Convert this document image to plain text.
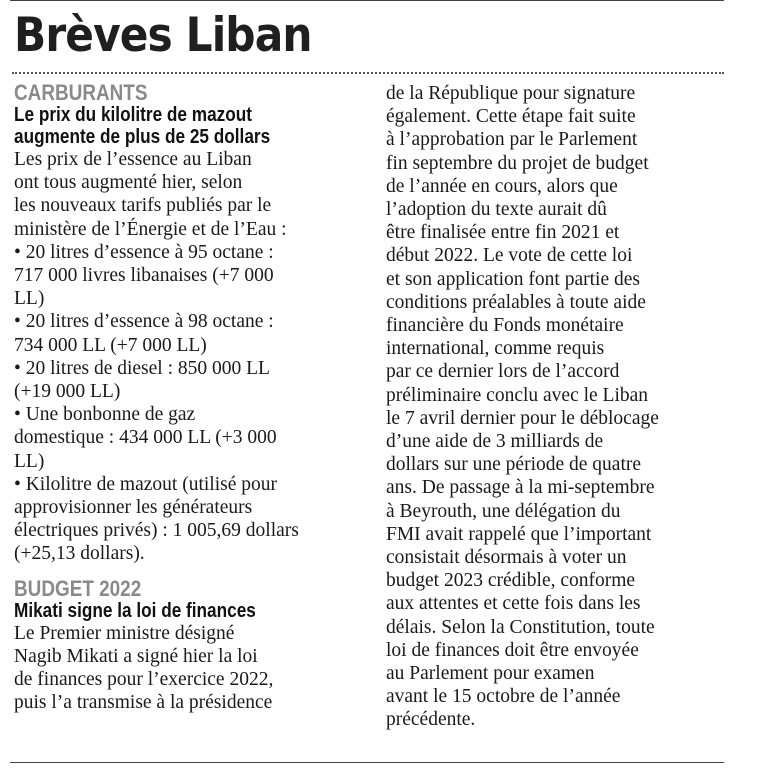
Brèves Liban

CARBURANTS

Le prix du kilolitre de mazout
augmente de plus de 25 dollars
Les prix de l’essence au Liban
ont tous augmenté hier, selon
les nouveaux tarifs publiés par le
ministère de l’Énergie et de l’Eau :
• 20 litres d’essence à 95 octane :
717 000 livres libanaises (+7 000
LL)
• 20 litres d’essence à 98 octane :
734 000 LL (+7 000 LL)
• 20 litres de diesel : 850 000 LL
(+19 000 LL)
• Une bonbonne de gaz
domestique : 434 000 LL (+3 000
LL)
• Kilolitre de mazout (utilisé pour
approvisionner les générateurs
électriques privés) : 1 005,69 dollars
(+25,13 dollars).

BUDGET 2022

Mikati signe la loi de finances
Le Premier ministre désigné
Nagib Mikati a signé hier la loi
de finances pour l’exercice 2022,
puis l’a transmise à la présidence
de la République pour signature
également. Cette étape fait suite
à l’approbation par le Parlement
fin septembre du projet de budget
de l’année en cours, alors que
l’adoption du texte aurait dû
être finalisée entre fin 2021 et
début 2022. Le vote de cette loi
et son application font partie des
conditions préalables à toute aide
financière du Fonds monétaire
international, comme requis
par ce dernier lors de l’accord
préliminaire conclu avec le Liban
le 7 avril dernier pour le déblocage
d’une aide de 3 milliards de
dollars sur une période de quatre
ans. De passage à la mi-septembre
à Beyrouth, une délégation du
FMI avait rappelé que l’important
consistait désormais à voter un
budget 2023 crédible, conforme
aux attentes et cette fois dans les
délais. Selon la Constitution, toute
loi de finances doit être envoyée
au Parlement pour examen
avant le 15 octobre de l’année
précédente.
